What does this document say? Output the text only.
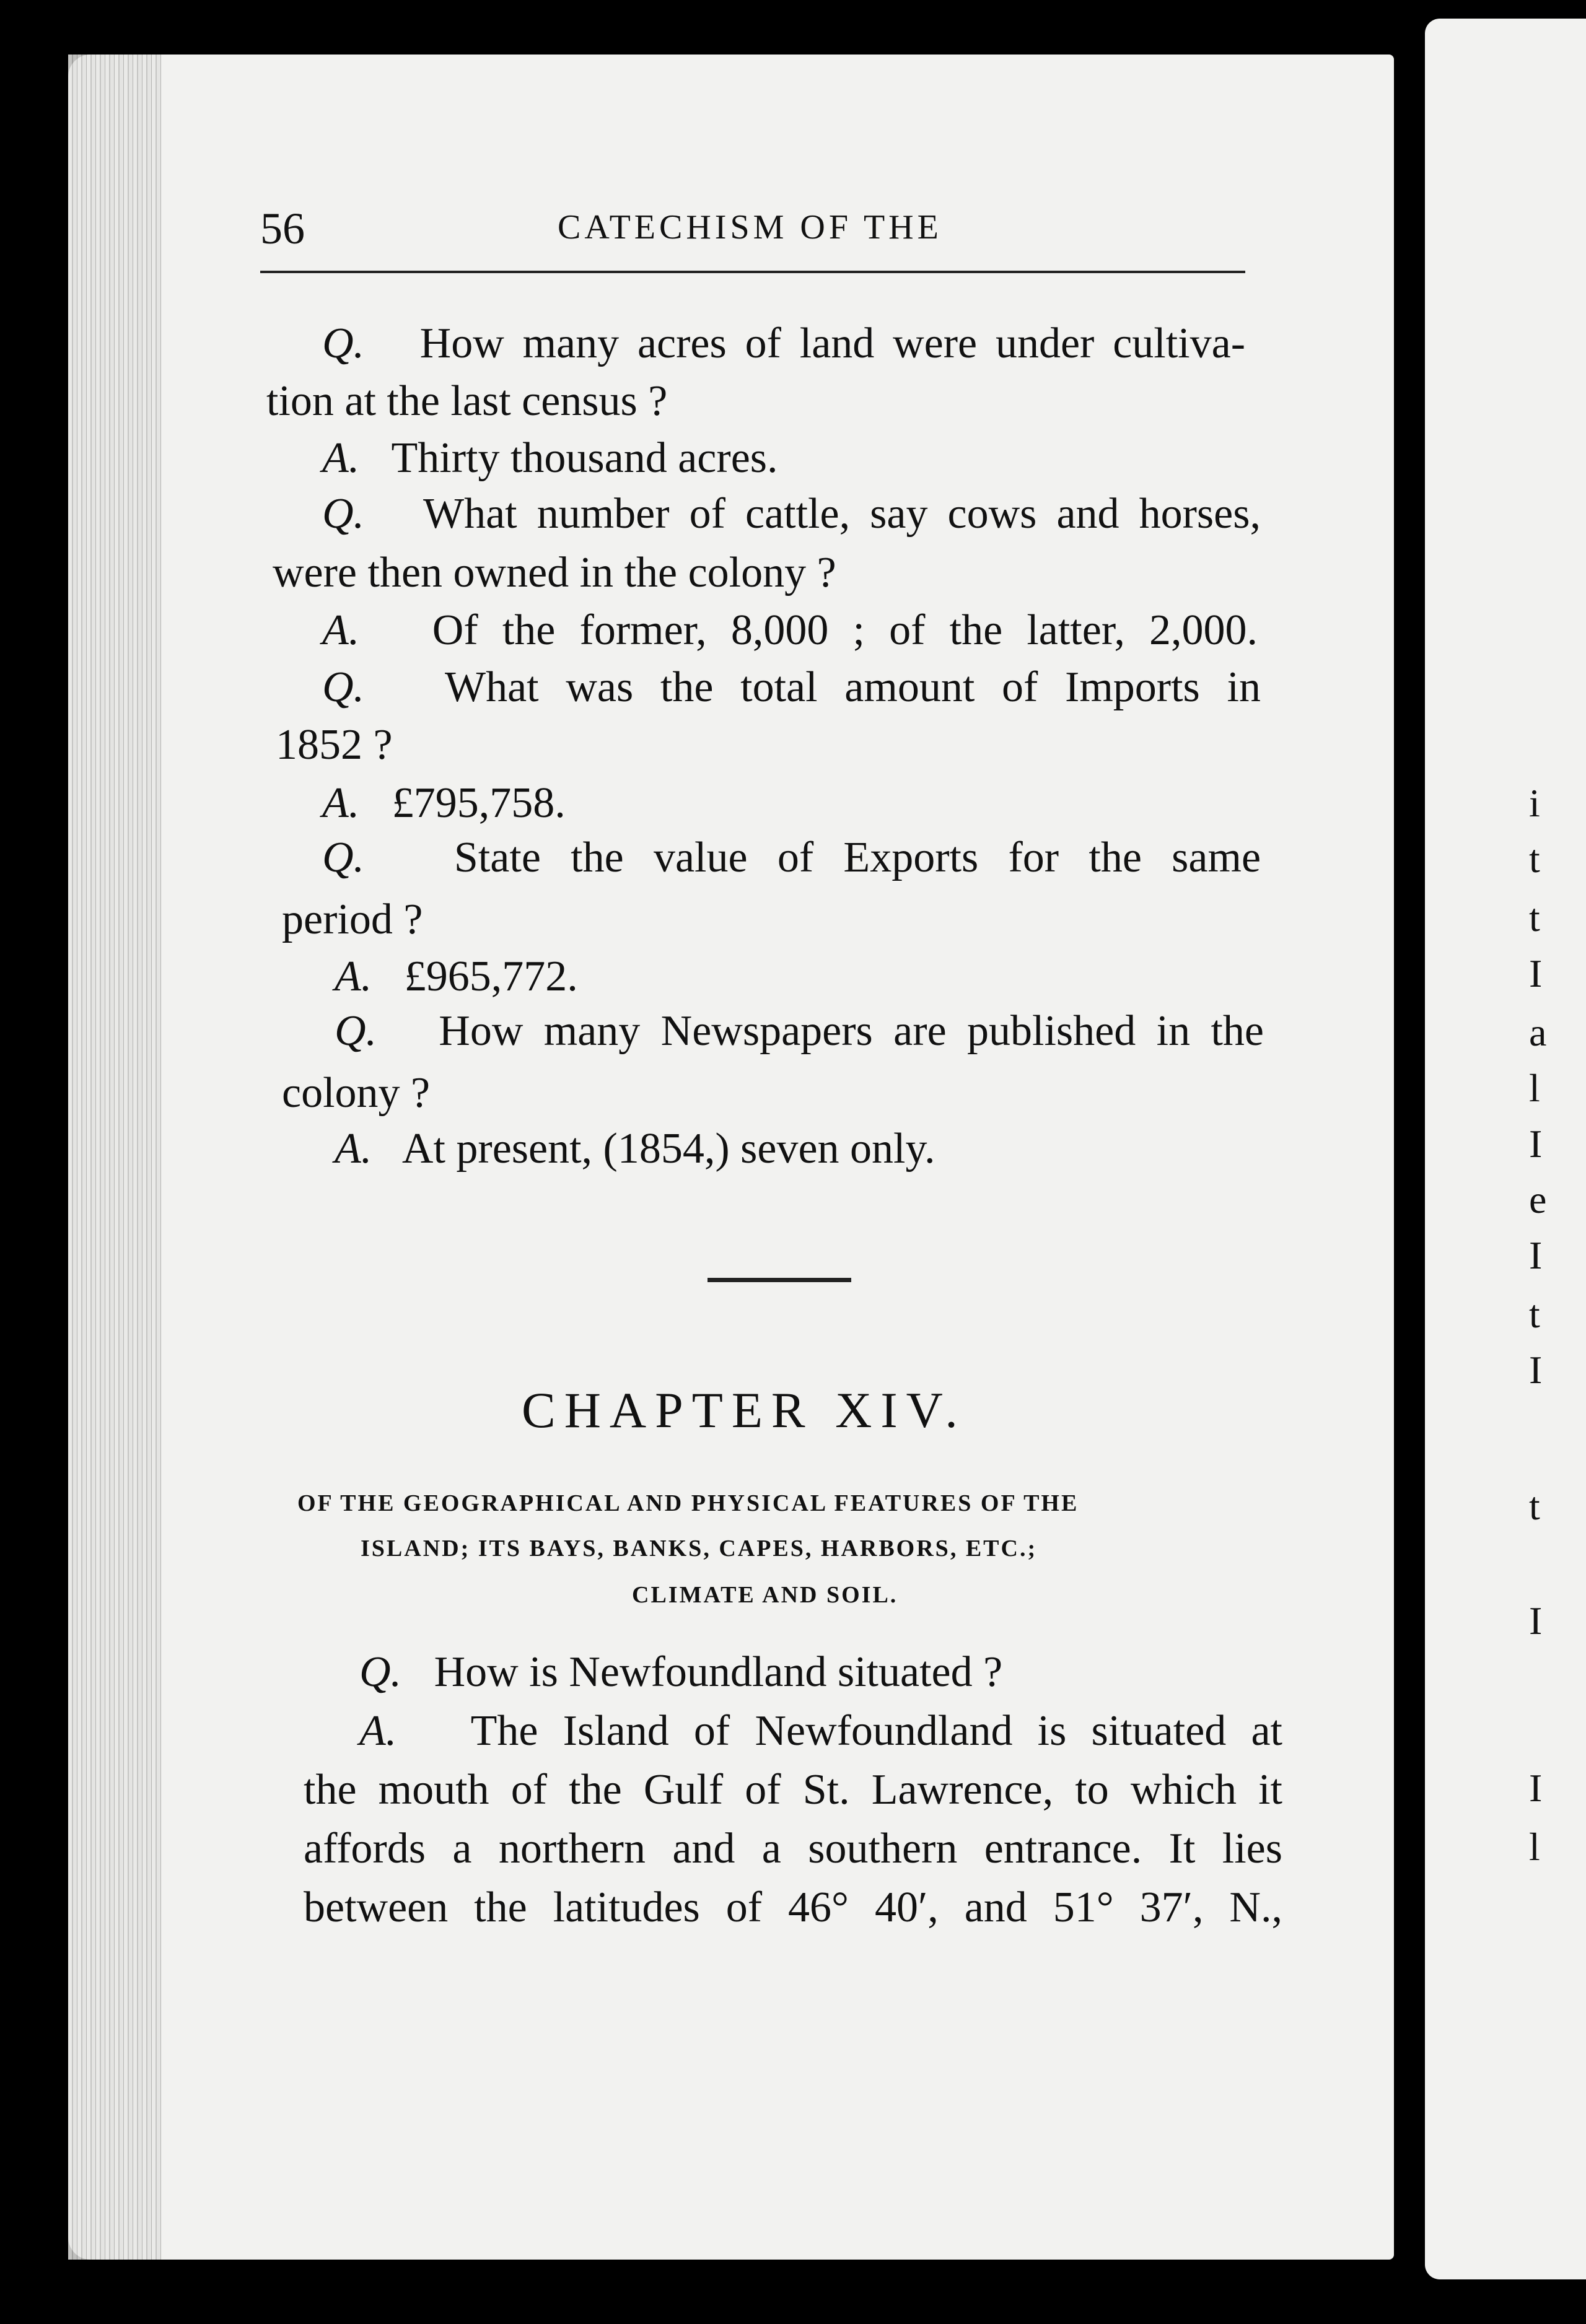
i
t
t
I
a
l
I
e
I
t
I
t
I
I
l
56	CATECHISM OF THE
Q. How many acres of land were under cultiva-
tion at the last census ?
A. Thirty thousand acres.
Q. What number of cattle, say cows and horses,
were then owned in the colony ?
A. Of the former, 8,000 ; of the latter, 2,000.
Q. What was the total amount of Imports in
1852 ?
A. £795,758.
Q. State the value of Exports for the same
period ?
A. £965,772.
Q. How many Newspapers are published in the
colony ?
A. At present, (1854,) seven only.
CHAPTER XIV.
OF THE GEOGRAPHICAL AND PHYSICAL FEATURES OF THE
ISLAND; ITS BAYS, BANKS, CAPES, HARBORS, ETC.;
CLIMATE AND SOIL.
Q. How is Newfoundland situated ?
A. The Island of Newfoundland is situated at
the mouth of the Gulf of St. Lawrence, to which it
affords a northern and a southern entrance. It lies
between the latitudes of 46° 40′, and 51° 37′, N.,
